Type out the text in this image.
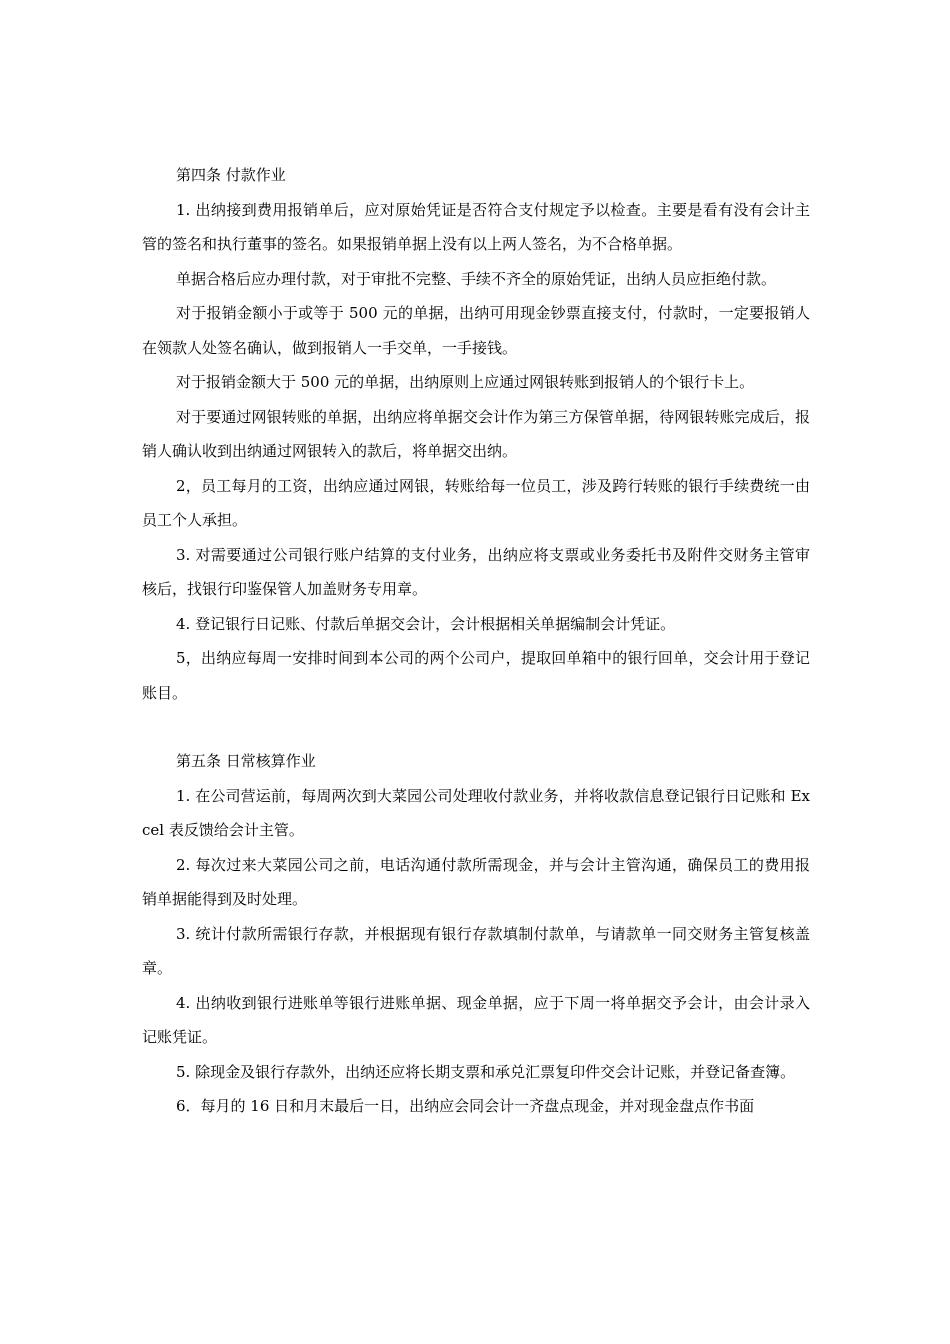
第四条 付款作业

1. 出纳接到费用报销单后，应对原始凭证是否符合支付规定予以检查。主要是看有没有会计主管的签名和执行董事的签名。如果报销单据上没有以上两人签名，为不合格单据。

单据合格后应办理付款，对于审批不完整、手续不齐全的原始凭证，出纳人员应拒绝付款。

对于报销金额小于或等于 500 元的单据，出纳可用现金钞票直接支付，付款时，一定要报销人在领款人处签名确认，做到报销人一手交单，一手接钱。

对于报销金额大于 500 元的单据，出纳原则上应通过网银转账到报销人的个银行卡上。

对于要通过网银转账的单据，出纳应将单据交会计作为第三方保管单据，待网银转账完成后，报销人确认收到出纳通过网银转入的款后，将单据交出纳。

2，员工每月的工资，出纳应通过网银，转账给每一位员工，涉及跨行转账的银行手续费统一由员工个人承担。

3. 对需要通过公司银行账户结算的支付业务，出纳应将支票或业务委托书及附件交财务主管审核后，找银行印鉴保管人加盖财务专用章。

4. 登记银行日记账、付款后单据交会计，会计根据相关单据编制会计凭证。

5，出纳应每周一安排时间到本公司的两个公司户，提取回单箱中的银行回单，交会计用于登记账目。

第五条 日常核算作业

1. 在公司营运前，每周两次到大菜园公司处理收付款业务，并将收款信息登记银行日记账和 Excel 表反馈给会计主管。

2. 每次过来大菜园公司之前，电话沟通付款所需现金，并与会计主管沟通，确保员工的费用报销单据能得到及时处理。

3. 统计付款所需银行存款，并根据现有银行存款填制付款单，与请款单一同交财务主管复核盖章。

4. 出纳收到银行进账单等银行进账单据、现金单据，应于下周一将单据交予会计，由会计录入记账凭证。

5. 除现金及银行存款外，出纳还应将长期支票和承兑汇票复印件交会计记账，并登记备查簿。

6．每月的 16 日和月末最后一日，出纳应会同会计一齐盘点现金，并对现金盘点作书面
